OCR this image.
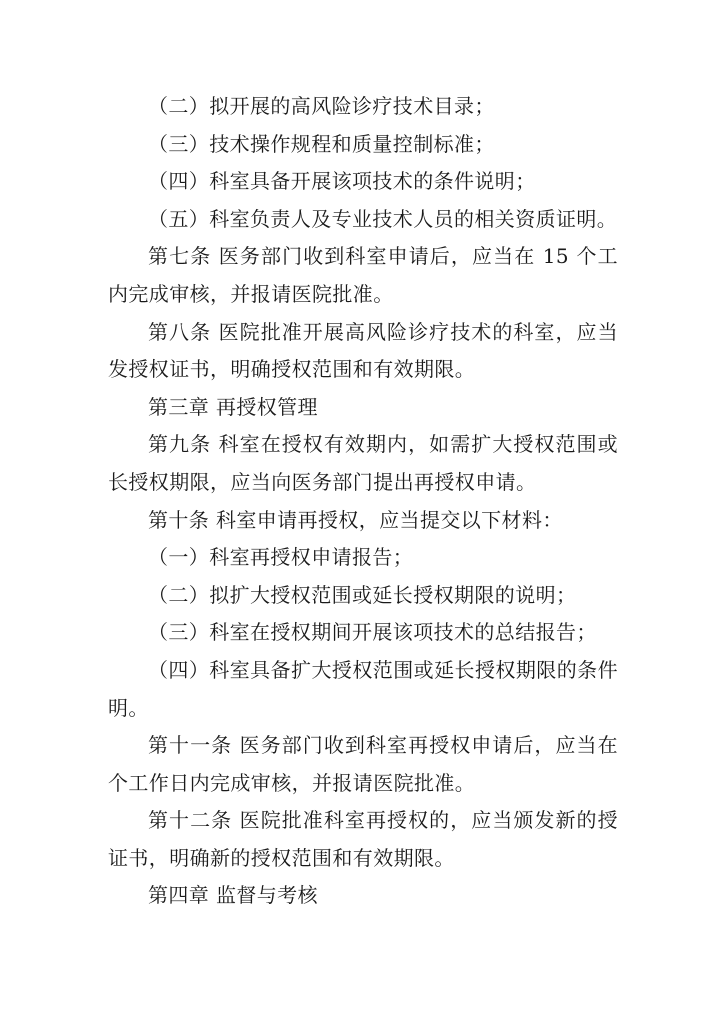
（二）拟开展的高风险诊疗技术目录；
（三）技术操作规程和质量控制标准；
（四）科室具备开展该项技术的条件说明；
（五）科室负责人及专业技术人员的相关资质证明。
第七条 医务部门收到科室申请后，应当在 15 个工
内完成审核，并报请医院批准。
第八条 医院批准开展高风险诊疗技术的科室，应当
发授权证书，明确授权范围和有效期限。
第三章 再授权管理
第九条 科室在授权有效期内，如需扩大授权范围或
长授权期限，应当向医务部门提出再授权申请。
第十条 科室申请再授权，应当提交以下材料：
（一）科室再授权申请报告；
（二）拟扩大授权范围或延长授权期限的说明；
（三）科室在授权期间开展该项技术的总结报告；
（四）科室具备扩大授权范围或延长授权期限的条件
明。
第十一条 医务部门收到科室再授权申请后，应当在
个工作日内完成审核，并报请医院批准。
第十二条 医院批准科室再授权的，应当颁发新的授
证书，明确新的授权范围和有效期限。
第四章 监督与考核
